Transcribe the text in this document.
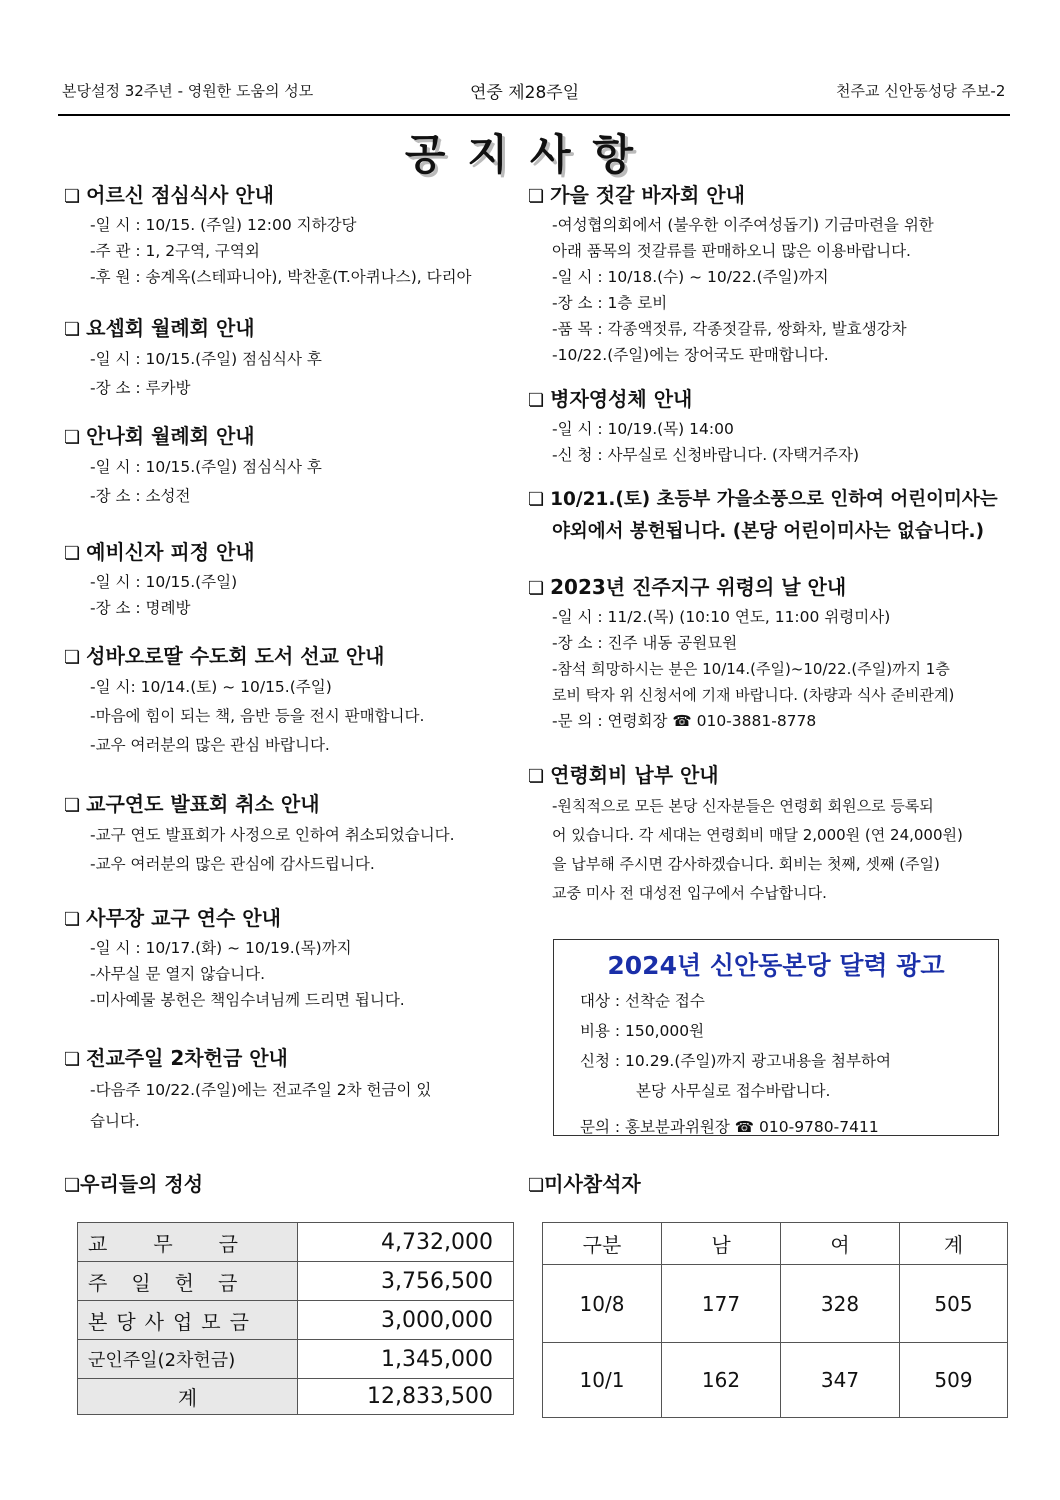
본당설정 32주년 - 영원한 도움의 성모	연중 제28주일	천주교 신안동성당 주보-2
공지사항
❏ 어르신 점심식사 안내
-일 시 : 10/15. (주일) 12:00 지하강당
-주 관 : 1, 2구역, 구역외
-후 원 : 송계옥(스테파니아), 박찬훈(T.아퀴나스), 다리아
❏ 요셉회 월례회 안내
-일 시 : 10/15.(주일) 점심식사 후
-장 소 : 루카방
❏ 안나회 월례회 안내
-일 시 : 10/15.(주일) 점심식사 후
-장 소 : 소성전
❏ 예비신자 피정 안내
-일 시 : 10/15.(주일)
-장 소 : 명례방
❏ 성바오로딸 수도회 도서 선교 안내
-일 시: 10/14.(토) ~ 10/15.(주일)
-마음에 힘이 되는 책, 음반 등을 전시 판매합니다.
-교우 여러분의 많은 관심 바랍니다.
❏ 교구연도 발표회 취소 안내
-교구 연도 발표회가 사정으로 인하여 취소되었습니다.
-교우 여러분의 많은 관심에 감사드립니다.
❏ 사무장 교구 연수 안내
-일 시 : 10/17.(화) ~ 10/19.(목)까지
-사무실 문 열지 않습니다.
-미사예물 봉헌은 책임수녀님께 드리면 됩니다.
❏ 전교주일 2차헌금 안내
-다음주 10/22.(주일)에는 전교주일 2차 헌금이 있
습니다.
❏ 가을 젓갈 바자회 안내
-여성협의회에서 (불우한 이주여성돕기) 기금마련을 위한
아래 품목의 젓갈류를 판매하오니 많은 이용바랍니다.
-일 시 : 10/18.(수) ~ 10/22.(주일)까지
-장 소 : 1층 로비
-품 목 : 각종액젓류, 각종젓갈류, 쌍화차, 발효생강차
-10/22.(주일)에는 장어국도 판매합니다.
❏ 병자영성체 안내
-일 시 : 10/19.(목) 14:00
-신 청 : 사무실로 신청바랍니다. (자택거주자)
❏ 10/21.(토) 초등부 가을소풍으로 인하여 어린이미사는
야외에서 봉헌됩니다. (본당 어린이미사는 없습니다.)
❏ 2023년 진주지구 위령의 날 안내
-일 시 : 11/2.(목) (10:10 연도, 11:00 위령미사)
-장 소 : 진주 내동 공원묘원
-참석 희망하시는 분은 10/14.(주일)~10/22.(주일)까지 1층
로비 탁자 위 신청서에 기재 바랍니다. (차량과 식사 준비관계)
-문 의 : 연령회장 ☎ 010-3881-8778
❏ 연령회비 납부 안내
-원칙적으로 모든 본당 신자분들은 연령회 회원으로 등록되
어 있습니다. 각 세대는 연령회비 매달 2,000원 (연 24,000원)
을 납부해 주시면 감사하겠습니다. 회비는 첫째, 셋째 (주일)
교중 미사 전 대성전 입구에서 수납합니다.
2024년 신안동본당 달력 광고
대상 : 선착순 접수
비용 : 150,000원
신청 : 10.29.(주일)까지 광고내용을 첨부하여
본당 사무실로 접수바랍니다.
문의 : 홍보분과위원장 ☎ 010-9780-7411
❏우리들의 정성
교　　무　　금	4,732,000
주　일　헌　금	3,756,500
본당사업모금	3,000,000
군인주일(2차헌금)	1,345,000
계	12,833,500
❏미사참석자
구분	남	여	계
10/8	177	328	505
10/1	162	347	509
